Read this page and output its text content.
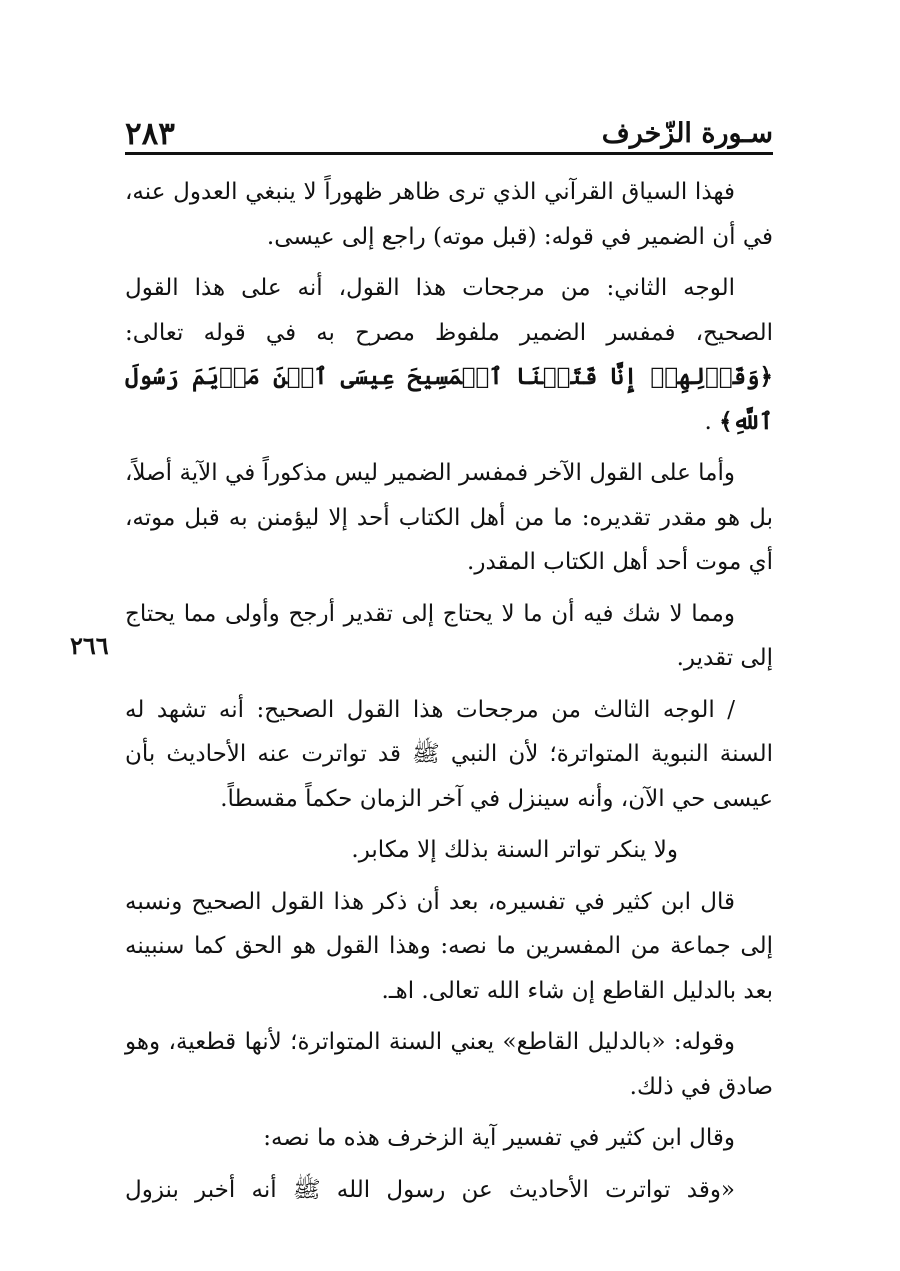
سـورة الزّخرف
٢٨٣
٢٦٦

فهذا السياق القرآني الذي ترى ظاهر ظهوراً لا ينبغي العدول عنه، في أن الضمير في قوله: (قبل موته) راجع إلى عيسى.

الوجه الثاني: من مرجحات هذا القول، أنه على هذا القول الصحيح، فمفسر الضمير ملفوظ مصرح به في قوله تعالى: ﴿وَقَوۡلِهِمۡ إِنَّا قَتَلۡنَا ٱلۡمَسِيحَ عِيسَى ٱبۡنَ مَرۡيَمَ رَسُولَ ٱللَّهِ﴾ .

وأما على القول الآخر فمفسر الضمير ليس مذكوراً في الآية أصلاً، بل هو مقدر تقديره: ما من أهل الكتاب أحد إلا ليؤمنن به قبل موته، أي موت أحد أهل الكتاب المقدر.

ومما لا شك فيه أن ما لا يحتاج إلى تقدير أرجح وأولى مما يحتاج إلى تقدير.

/ الوجه الثالث من مرجحات هذا القول الصحيح: أنه تشهد له السنة النبوية المتواترة؛ لأن النبي ﷺ قد تواترت عنه الأحاديث بأن عيسى حي الآن، وأنه سينزل في آخر الزمان حكماً مقسطاً.

ولا ينكر تواتر السنة بذلك إلا مكابر.

قال ابن كثير في تفسيره، بعد أن ذكر هذا القول الصحيح ونسبه إلى جماعة من المفسرين ما نصه: وهذا القول هو الحق كما سنبينه بعد بالدليل القاطع إن شاء الله تعالى. اهـ.

وقوله: «بالدليل القاطع» يعني السنة المتواترة؛ لأنها قطعية، وهو صادق في ذلك.

وقال ابن كثير في تفسير آية الزخرف هذه ما نصه:

«وقد تواترت الأحاديث عن رسول الله ﷺ أنه أخبر بنزول
